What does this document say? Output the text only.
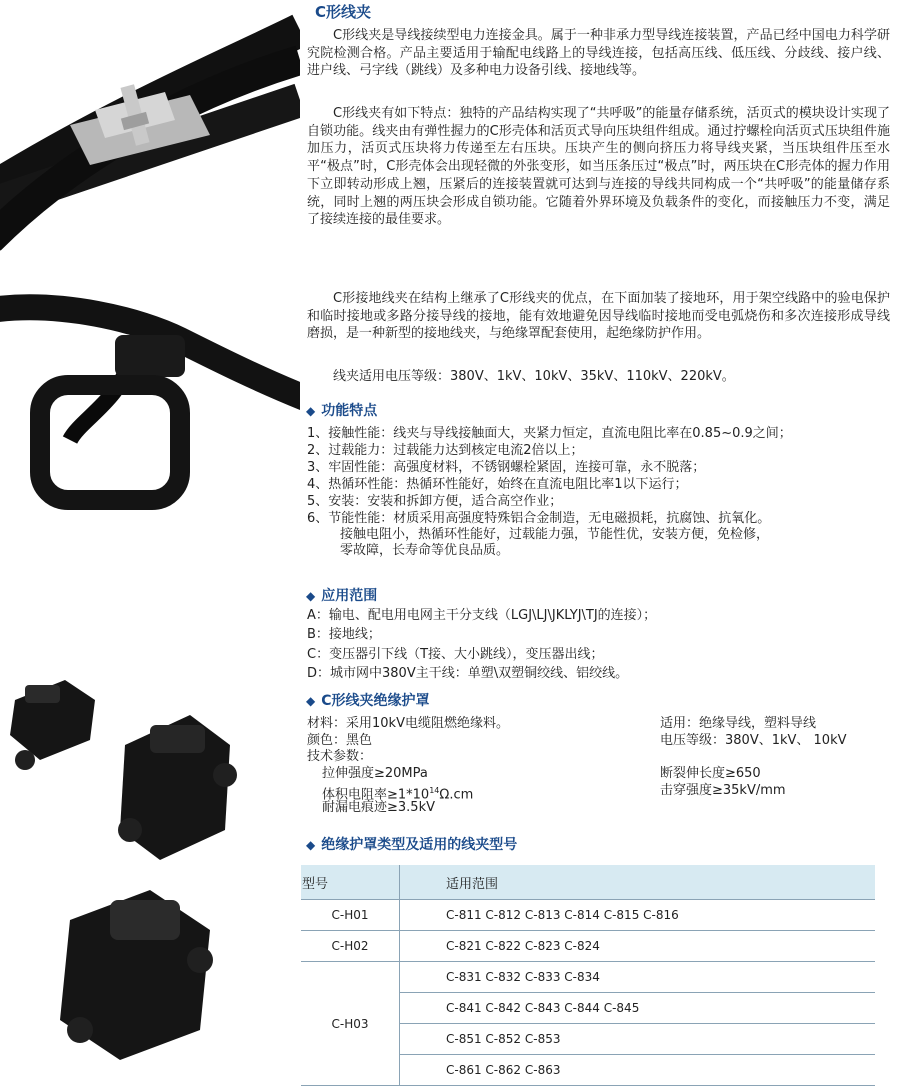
C形线夹
C形线夹是导线接续型电力连接金具。属于一种非承力型导线连接装置，产品已经中国电力科学研究院检测合格。产品主要适用于输配电线路上的导线连接，包括高压线、低压线、分歧线、接户线、进户线、弓字线（跳线）及多种电力设备引线、接地线等。
C形线夹有如下特点：独特的产品结构实现了“共呼吸”的能量存储系统，活页式的模块设计实现了自锁功能。线夹由有弹性握力的C形壳体和活页式导向压块组件组成。通过拧螺栓向活页式压块组件施加压力，活页式压块将力传递至左右压块。压块产生的侧向挤压力将导线夹紧，当压块组件压至水平“极点”时，C形壳体会出现轻微的外张变形，如当压条压过“极点”时，两压块在C形壳体的握力作用下立即转动形成上翘，压紧后的连接装置就可达到与连接的导线共同构成一个“共呼吸”的能量储存系统，同时上翘的两压块会形成自锁功能。它随着外界环境及负载条件的变化，而接触压力不变，满足了接续连接的最佳要求。
C形接地线夹在结构上继承了C形线夹的优点，在下面加装了接地环，用于架空线路中的验电保护和临时接地或多路分接导线的接地，能有效地避免因导线临时接地而受电弧烧伤和多次连接形成导线磨损，是一种新型的接地线夹，与绝缘罩配套使用，起绝缘防护作用。
线夹适用电压等级：380V、1kV、10kV、35kV、110kV、220kV。
◆ 功能特点
1、接触性能：线夹与导线接触面大，夹紧力恒定，直流电阻比率在0.85~0.9之间；
2、过载能力：过载能力达到核定电流2倍以上；
3、牢固性能：高强度材料，不锈钢螺栓紧固，连接可靠，永不脱落；
4、热循环性能：热循环性能好，始终在直流电阻比率1以下运行；
5、安装：安装和拆卸方便，适合高空作业；
6、节能性能：材质采用高强度特殊铝合金制造，无电磁损耗，抗腐蚀、抗氧化。
接触电阻小，热循环性能好，过载能力强，节能性优，安装方便，免检修，
零故障，长寿命等优良品质。
◆ 应用范围
A：输电、配电用电网主干分支线（LGJ\LJ\JKLYJ\TJ的连接）；
B：接地线；
C：变压器引下线（T接、大小跳线），变压器出线；
D：城市网中380V主干线：单塑\双塑铜绞线、铝绞线。
◆ C形线夹绝缘护罩
材料：采用10kV电缆阻燃绝缘料。
颜色：黑色
技术参数：
拉伸强度≥20MPa
体积电阻率$\ge 1*10^{14}\Omega.cm$
耐漏电痕迹≥3.5kV
适用：绝缘导线，塑料导线
电压等级：380V、1kV、 10kV
断裂伸长度≥650
击穿强度≥35kV/mm
◆ 绝缘护罩类型及适用的线夹型号
型号	适用范围
C-H01	C-811 C-812 C-813 C-814 C-815 C-816
C-H02	C-821 C-822 C-823 C-824
C-H03	C-831 C-832 C-833 C-834
	C-841 C-842 C-843 C-844 C-845
	C-851 C-852 C-853
	C-861 C-862 C-863
